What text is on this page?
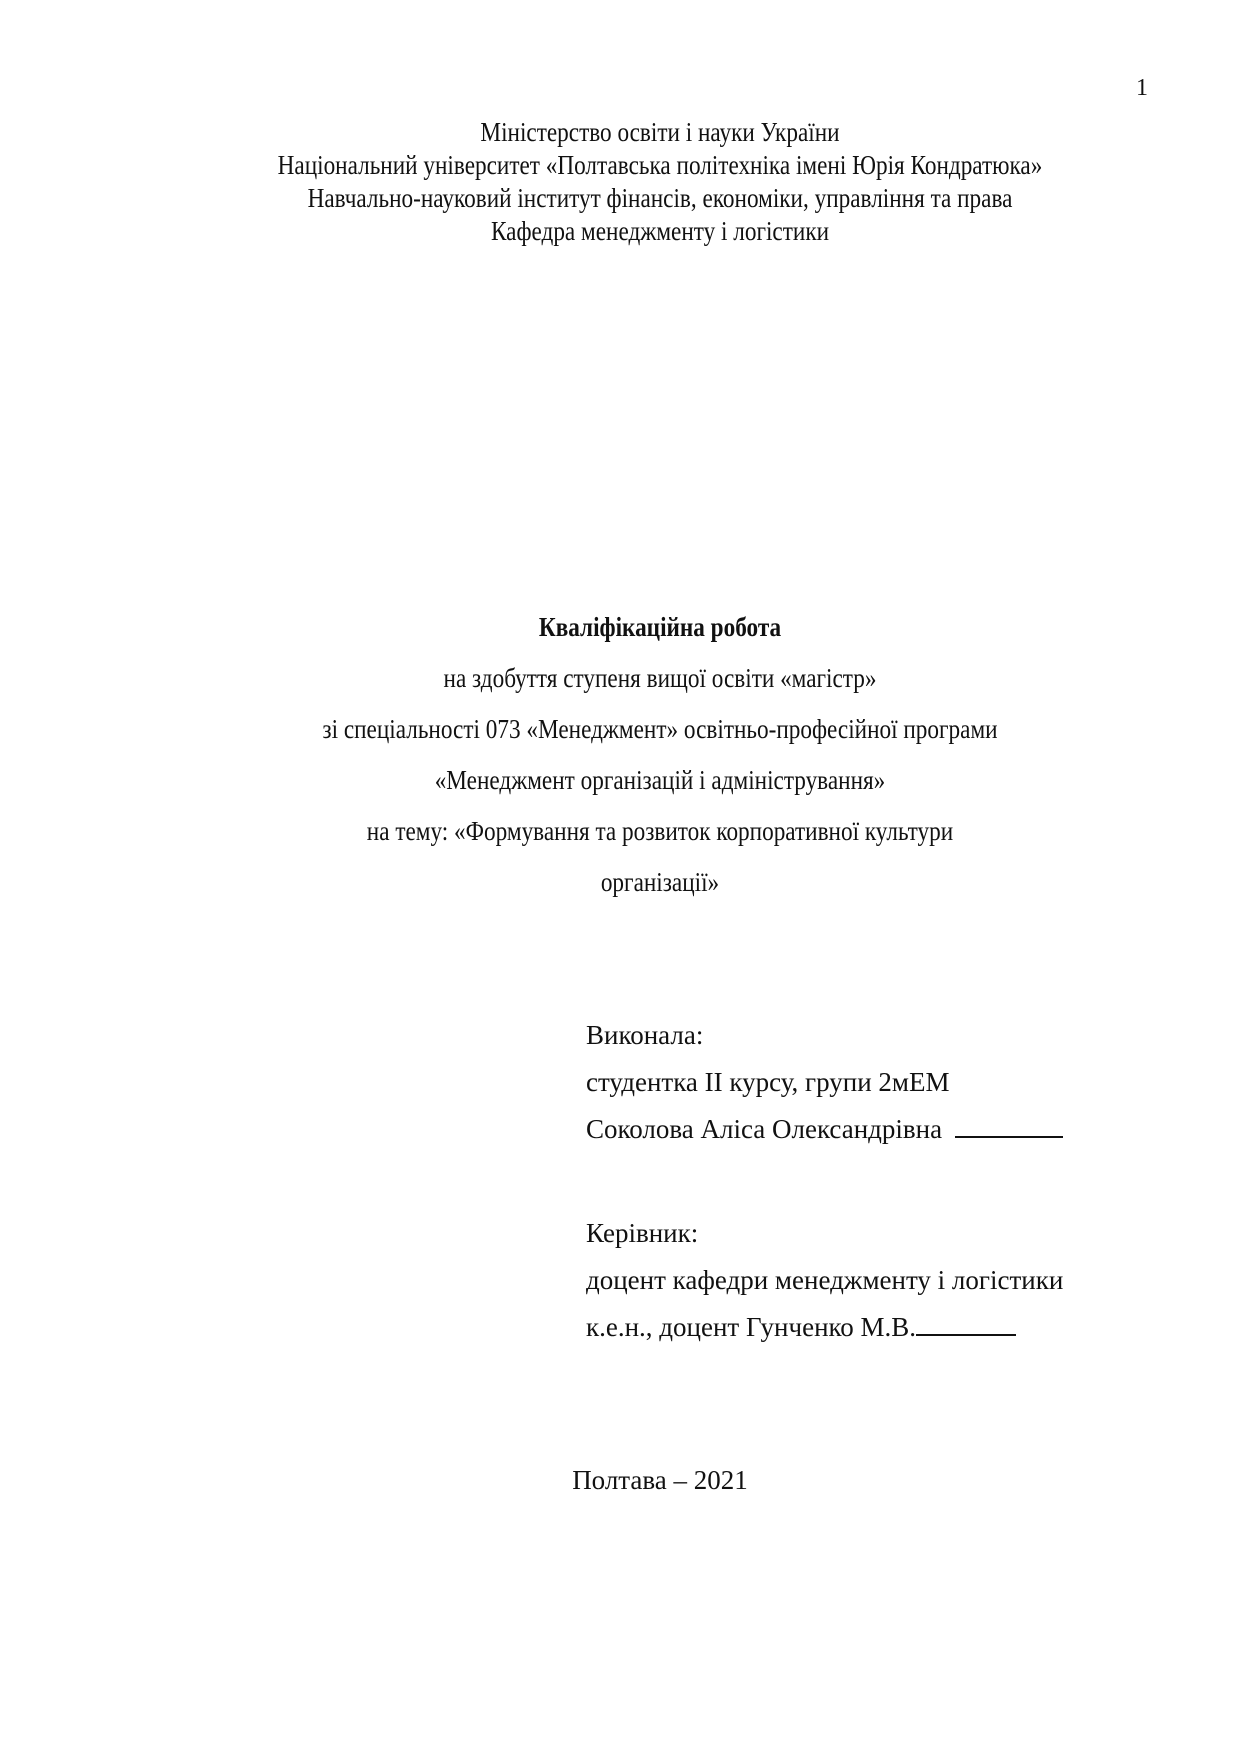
1
Міністерство освіти і науки України
Національний університет «Полтавська політехніка імені Юрія Кондратюка»
Навчально-науковий інститут фінансів, економіки, управління та права
Кафедра менеджменту і логістики
Кваліфікаційна робота
на здобуття ступеня вищої освіти «магістр»
зі спеціальності 073 «Менеджмент» освітньо-професійної програми
«Менеджмент організацій і адміністрування»
на тему: «Формування та розвиток корпоративної культури
організації»
Виконала:
студентка ІІ курсу, групи 2мЕМ
Соколова Аліса Олександрівна
Керівник:
доцент кафедри менеджменту і логістики
к.е.н., доцент Гунченко М.В.
Полтава – 2021
